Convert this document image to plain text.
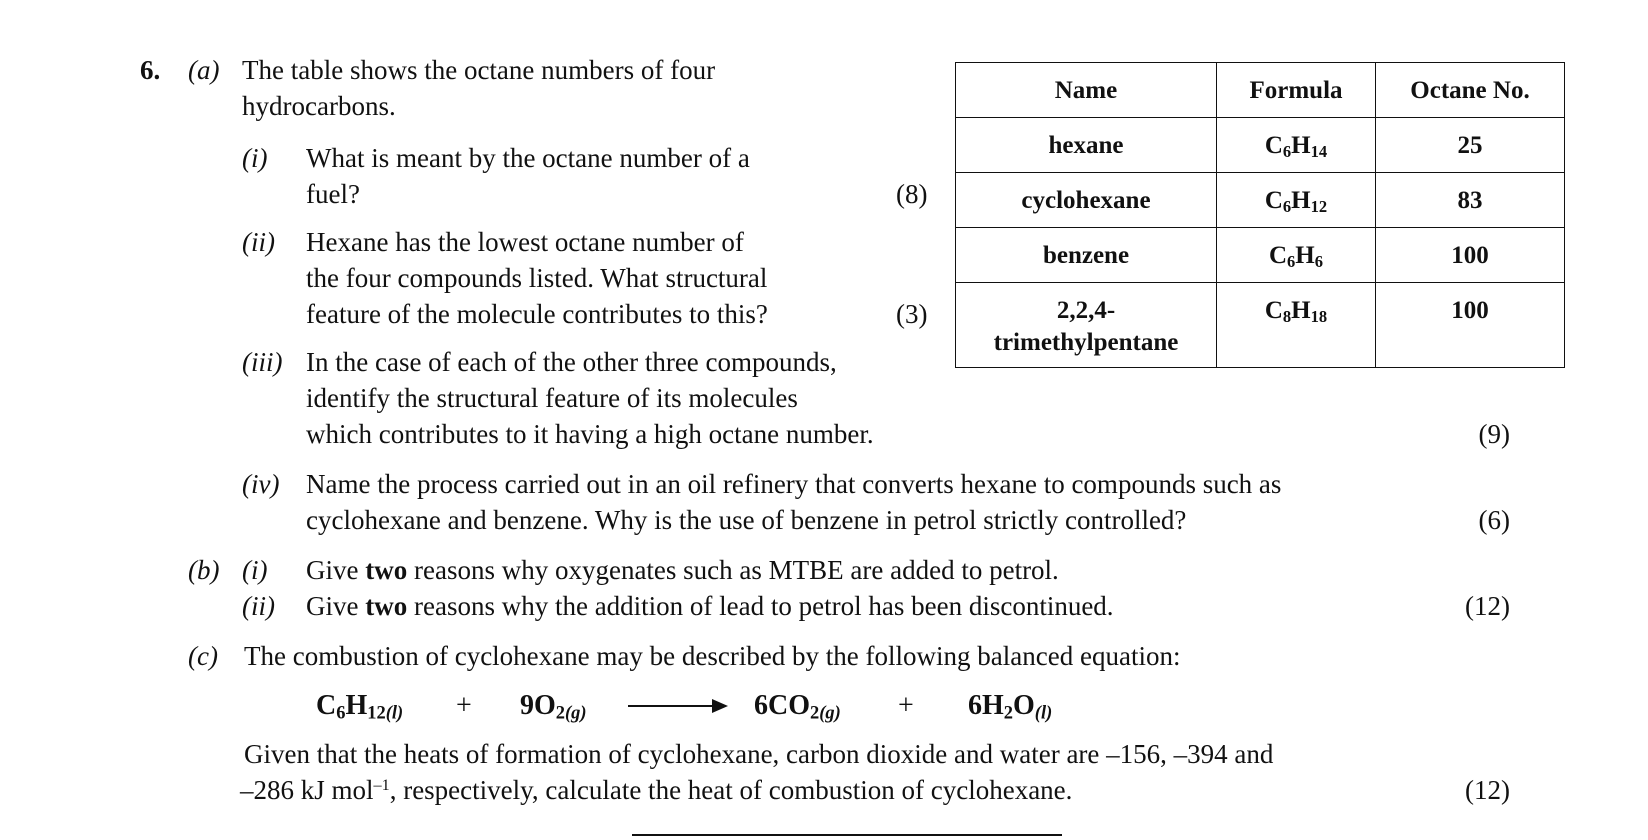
6. (a) The table shows the octane numbers of four
hydrocarbons.
(i) What is meant by the octane number of a
fuel?	(8)
(ii) Hexane has the lowest octane number of
the four compounds listed. What structural
feature of the molecule contributes to this?	(3)
(iii) In the case of each of the other three compounds,
identify the structural feature of its molecules
which contributes to it having a high octane number.	(9)
(iv) Name the process carried out in an oil refinery that converts hexane to compounds such as
cyclohexane and benzene. Why is the use of benzene in petrol strictly controlled?	(6)
Name	Formula	Octane No.
hexane	$C_6H_{14}$	25
cyclohexane	$C_6H_{12}$	83
benzene	$C_6H_6$	100

2,2,4-
trimethylpentane	$C_8H_{18}$	100
(b) (i) Give two reasons why oxygenates such as MTBE are added to petrol.
(ii) Give two reasons why the addition of lead to petrol has been discontinued.	(12)
(c) The combustion of cyclohexane may be described by the following balanced equation:
$C_6H_{12(l)} + 9O_{2(g)}$	$6CO_{2(g)} + 6H_2O_{(l)}$
Given that the heats of formation of cyclohexane, carbon dioxide and water are –156, –394 and
–286 kJ mol$^{-1}$, respectively, calculate the heat of combustion of cyclohexane.	(12)
